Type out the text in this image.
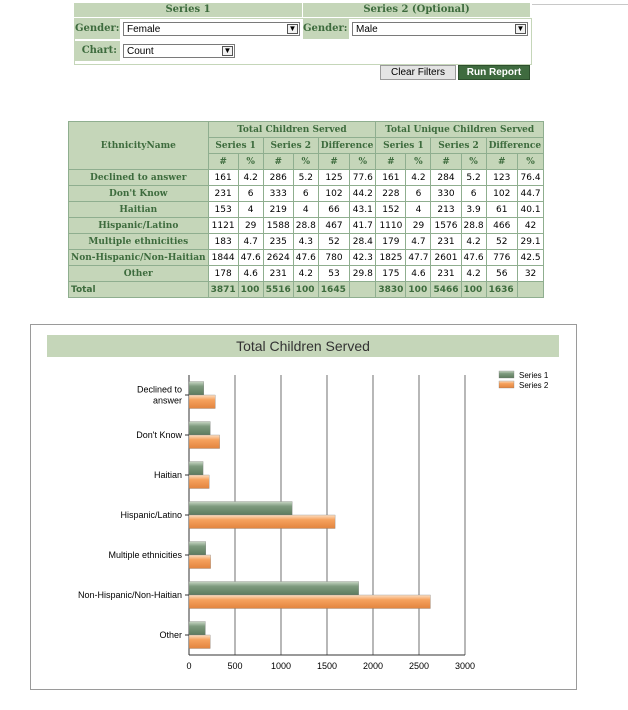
Series 1	Series 2 (Optional)
Gender: Female	▼ Gender: Male	▼
Chart:	Count	▼
Clear Filters	Run Report
EthnicityName	Total Children Served						Total Unique Children Served					
	Series 1		Series 2		Difference		Series 1		Series 2		Difference	
	#	%	#	%	#	%	#	%	#	%	#	%
Declined to answer	161	4.2	286	5.2	125	77.6	161	4.2	284	5.2	123	76.4
Don't Know	231	6	333	6	102	44.2	228	6	330	6	102	44.7
Haitian	153	4	219	4	66	43.1	152	4	213	3.9	61	40.1
Hispanic/Latino	1121	29	1588	28.8	467	41.7	1110	29	1576	28.8	466	42
Multiple ethnicities	183	4.7	235	4.3	52	28.4	179	4.7	231	4.2	52	29.1
Non-Hispanic/Non-Haitian	1844	47.6	2624	47.6	780	42.3	1825	47.7	2601	47.6	776	42.5
Other	178	4.6	231	4.2	53	29.8	175	4.6	231	4.2	56	32
Total	3871	100	5516	100	1645		3830	100	5466	100	1636	
Total Children Served
0	500	1000	1500	2000	2500	3000
Declined to
answer
Don't Know
Haitian
Hispanic/Latino
Multiple ethnicities
Non-Hispanic/Non-Haitian
Other
Series 1
Series 2
